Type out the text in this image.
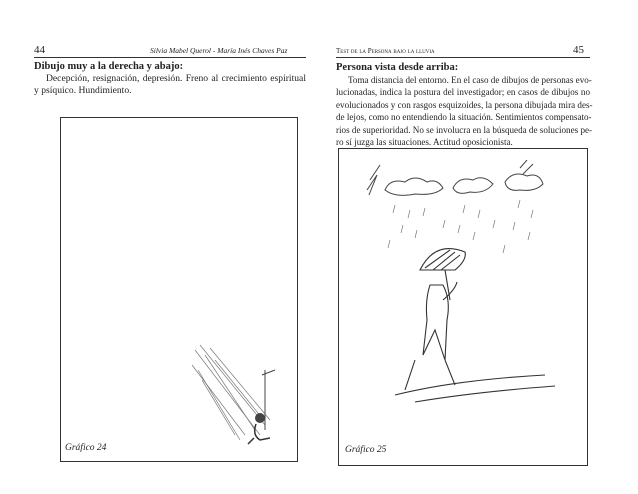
44	Silvia Mabel Querol - María Inés Chaves Paz
Dibujo muy a la derecha y abajo:
Decepción, resignación, depresión. Freno al crecimiento espiritual
y psíquico. Hundimiento.
Gráfico 24
Test de la Persona bajo la lluvia	45
Persona vista desde arriba:
Toma distancia del entorno. En el caso de dibujos de personas evo-
lucionadas, indica la postura del investigador; en casos de dibujos no
evolucionados y con rasgos esquizoides, la persona dibujada mira des-
de lejos, como no entendiendo la situación. Sentimientos compensato-
rios de superioridad. No se involucra en la búsqueda de soluciones pe-
ro sí juzga las situaciones. Actitud oposicionista.
Gráfico 25
